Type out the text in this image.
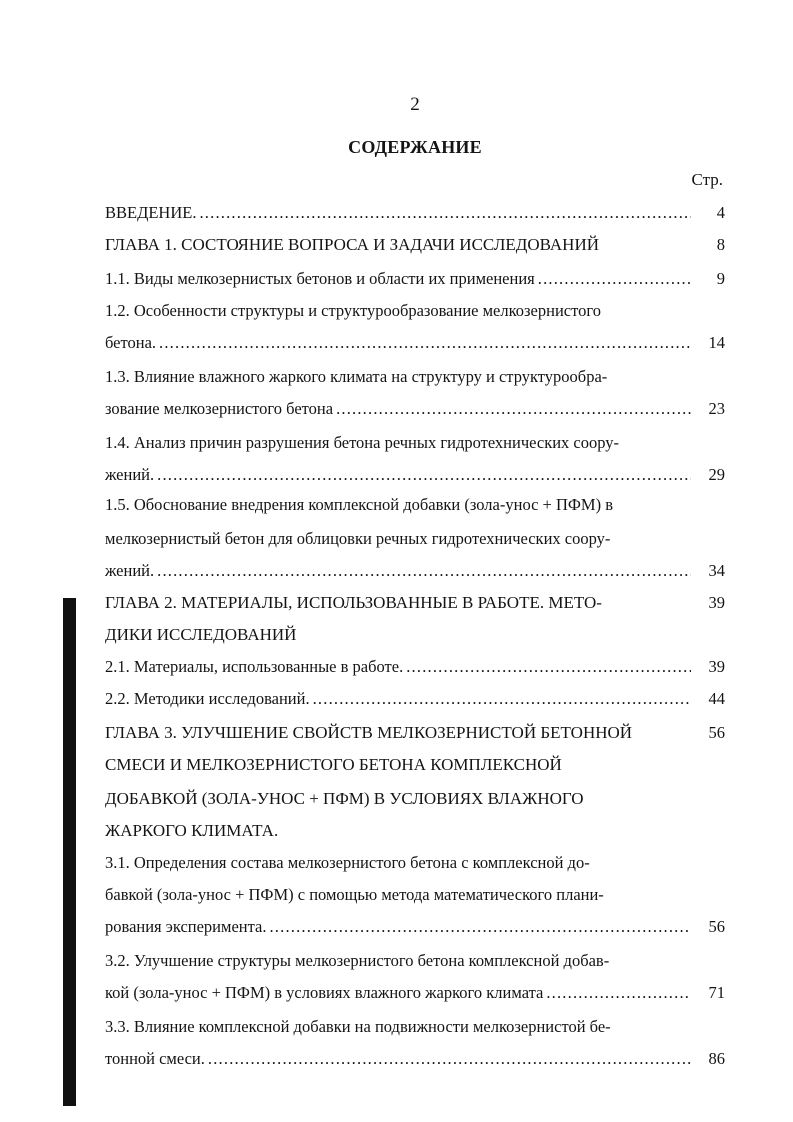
2
СОДЕРЖАНИЕ
Стр.
ВВЕДЕНИЕ. .....	4
ГЛАВА 1. СОСТОЯНИЕ ВОПРОСА И ЗАДАЧИ ИССЛЕДОВАНИЙ	8
1.1. Виды мелкозернистых бетонов и области их применения .....	9
1.2. Особенности структуры и структурообразование мелкозернистого
бетона. .....	14
1.3. Влияние влажного жаркого климата на структуру и структурообра-
зование мелкозернистого бетона .....	23
1.4. Анализ причин разрушения бетона речных гидротехнических соору-
жений. .....	29
1.5. Обоснование внедрения комплексной добавки (зола-унос + ПФМ) в
мелкозернистый бетон для облицовки речных гидротехнических соору-
жений. .....	34
ГЛАВА 2. МАТЕРИАЛЫ, ИСПОЛЬЗОВАННЫЕ В РАБОТЕ. МЕТО-	39
ДИКИ ИССЛЕДОВАНИЙ
2.1. Материалы, использованные в работе. .....	39
2.2. Методики исследований. .....	44
ГЛАВА 3. УЛУЧШЕНИЕ СВОЙСТВ МЕЛКОЗЕРНИСТОЙ БЕТОННОЙ	56
СМЕСИ И МЕЛКОЗЕРНИСТОГО БЕТОНА КОМПЛЕКСНОЙ
ДОБАВКОЙ (ЗОЛА-УНОС + ПФМ) В УСЛОВИЯХ ВЛАЖНОГО
ЖАРКОГО КЛИМАТА.
3.1. Определения состава мелкозернистого бетона с комплексной до-
бавкой (зола-унос + ПФМ) с помощью метода математического плани-
рования эксперимента. .....	56
3.2. Улучшение структуры мелкозернистого бетона комплексной добав-
кой (зола-унос + ПФМ) в условиях влажного жаркого климата .....	71
3.3. Влияние комплексной добавки на подвижности мелкозернистой бе-
тонной смеси. .....	86
